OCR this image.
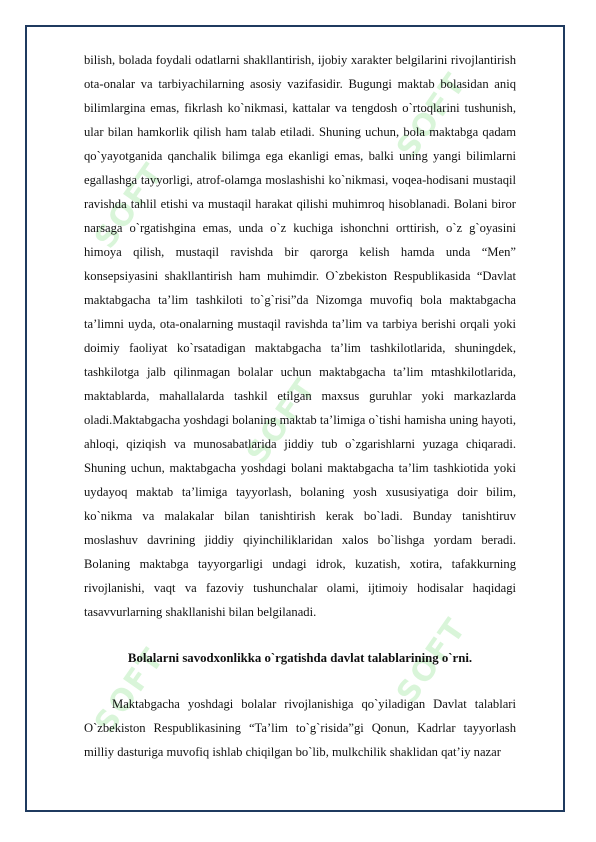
SOFT
SOFT
SOFT
SOFT	SOFT

bilish, bolada foydali odatlarni shakllantirish, ijobiy xarakter belgilarini rivojlantirish ota-onalar va tarbiyachilarning asosiy vazifasidir. Bugungi maktab bolasidan aniq bilimlargina emas, fikrlash ko`nikmasi, kattalar va tengdosh o`rtoqlarini tushunish, ular bilan hamkorlik qilish ham talab etiladi. Shuning uchun, bola maktabga qadam qo`yayotganida qanchalik bilimga ega ekanligi emas, balki uning yangi bilimlarni egallashga tayyorligi, atrof-olamga moslashishi ko`nikmasi, voqea-hodisani mustaqil ravishda tahlil etishi va mustaqil harakat qilishi muhimroq hisoblanadi. Bolani biror narsaga o`rgatishgina emas, unda o`z kuchiga ishonchni orttirish, o`z g`oyasini himoya qilish, mustaqil ravishda bir qarorga kelish hamda unda “Men” konsepsiyasini shakllantirish ham muhimdir. O`zbekiston Respublikasida “Davlat maktabgacha ta’lim tashkiloti to`g`risi”da Nizomga muvofiq bola maktabgacha ta’limni uyda, ota-onalarning mustaqil ravishda ta’lim va tarbiya berishi orqali yoki doimiy faoliyat ko`rsatadigan maktabgacha ta’lim tashkilotlarida, shuningdek, tashkilotga jalb qilinmagan bolalar uchun maktabgacha ta’lim mtashkilotlarida, maktablarda, mahallalarda tashkil etilgan maxsus guruhlar yoki markazlarda oladi.Maktabgacha yoshdagi bolaning maktab ta’limiga o`tishi hamisha uning hayoti, ahloqi, qiziqish va munosabatlarida jiddiy tub o`zgarishlarni yuzaga chiqaradi. Shuning uchun, maktabgacha yoshdagi bolani maktabgacha ta’lim tashkiotida yoki uydayoq maktab ta’limiga tayyorlash, bolaning yosh xususiyatiga doir bilim, ko`nikma va malakalar bilan tanishtirish kerak bo`ladi. Bunday tanishtiruv moslashuv davrining jiddiy qiyinchiliklaridan xalos bo`lishga yordam beradi. Bolaning maktabga tayyorgarligi undagi idrok, kuzatish, xotira, tafakkurning rivojlanishi, vaqt va fazoviy tushunchalar olami, ijtimoiy hodisalar haqidagi tasavvurlarning shakllanishi bilan belgilanadi.

Bolalarni savodxonlikka o`rgatishda davlat talablarining o`rni.

Maktabgacha yoshdagi bolalar rivojlanishiga qo`yiladigan Davlat talablari O`zbekiston Respublikasining “Ta’lim to`g`risida”gi Qonun, Kadrlar tayyorlash milliy dasturiga muvofiq ishlab chiqilgan bo`lib, mulkchilik shaklidan qat’iy nazar
